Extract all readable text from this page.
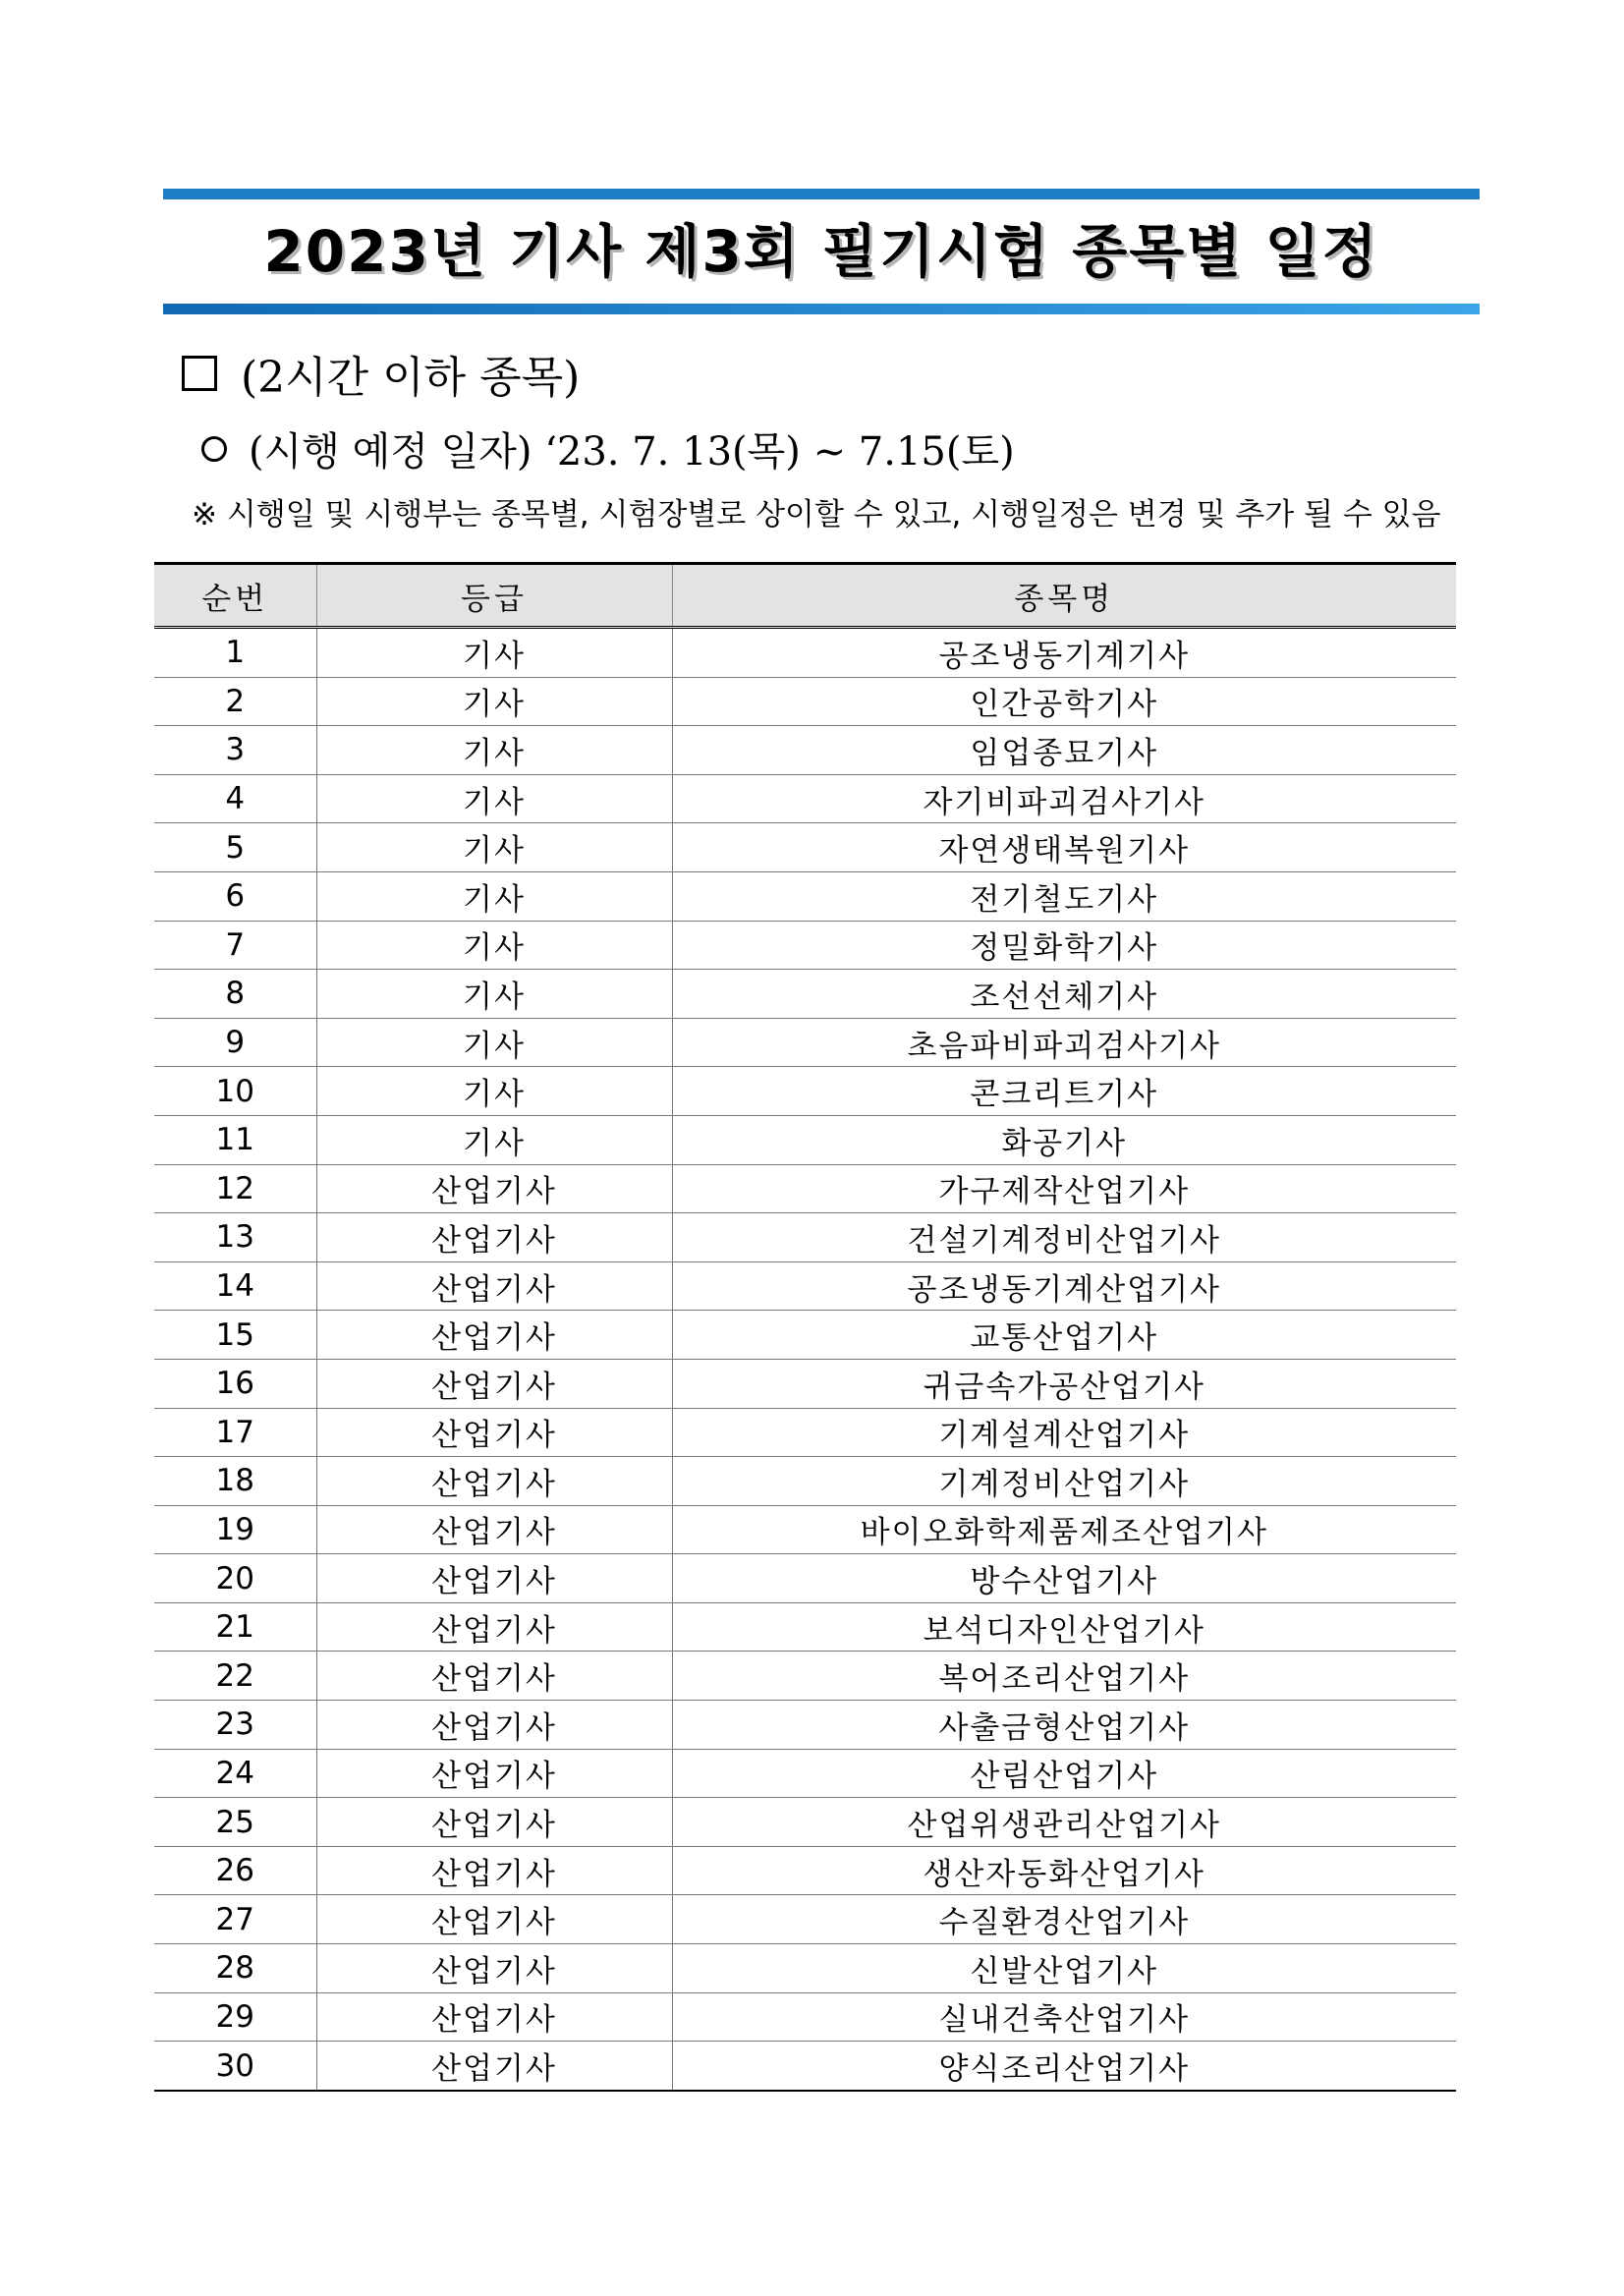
2023년 기사 제3회 필기시험 종목별 일정
(2시간 이하 종목)
(시행 예정 일자) ‘23. 7. 13(목) ~ 7.15(토)
※ 시행일 및 시행부는 종목별, 시험장별로 상이할 수 있고, 시행일정은 변경 및 추가 될 수 있음
순번	등급	종목명
1	기사	공조냉동기계기사
2	기사	인간공학기사
3	기사	임업종묘기사
4	기사	자기비파괴검사기사
5	기사	자연생태복원기사
6	기사	전기철도기사
7	기사	정밀화학기사
8	기사	조선선체기사
9	기사	초음파비파괴검사기사
10	기사	콘크리트기사
11	기사	화공기사
12	산업기사	가구제작산업기사
13	산업기사	건설기계정비산업기사
14	산업기사	공조냉동기계산업기사
15	산업기사	교통산업기사
16	산업기사	귀금속가공산업기사
17	산업기사	기계설계산업기사
18	산업기사	기계정비산업기사
19	산업기사	바이오화학제품제조산업기사
20	산업기사	방수산업기사
21	산업기사	보석디자인산업기사
22	산업기사	복어조리산업기사
23	산업기사	사출금형산업기사
24	산업기사	산림산업기사
25	산업기사	산업위생관리산업기사
26	산업기사	생산자동화산업기사
27	산업기사	수질환경산업기사
28	산업기사	신발산업기사
29	산업기사	실내건축산업기사
30	산업기사	양식조리산업기사
